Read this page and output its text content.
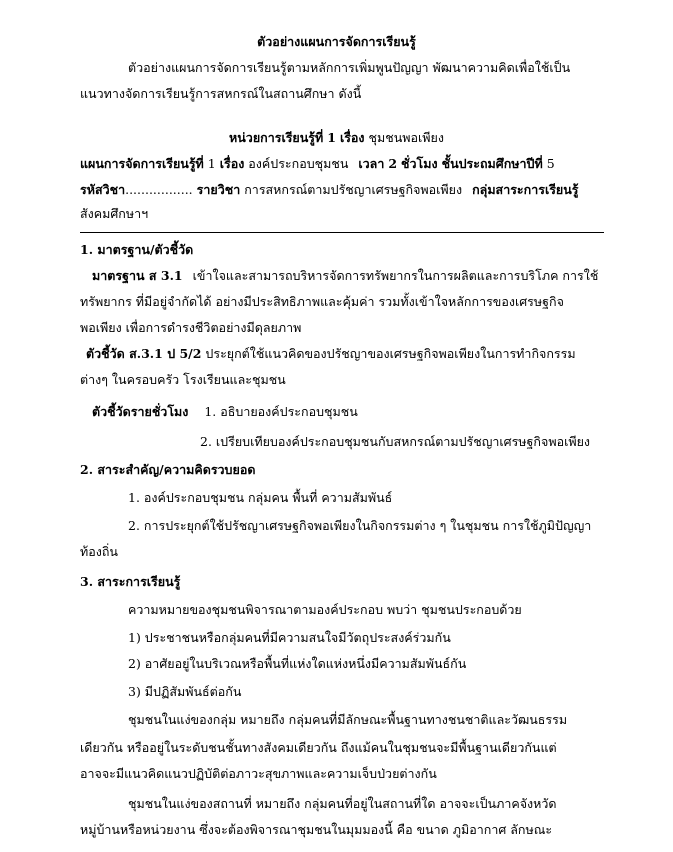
ตัวอย่างแผนการจัดการเรียนรู้
ตัวอย่างแผนการจัดการเรียนรู้ตามหลักการเพิ่มพูนปัญญา พัฒนาความคิดเพื่อใช้เป็น
แนวทางจัดการเรียนรู้การสหกรณ์ในสถานศึกษา ดังนี้
หน่วยการเรียนรู้ที่ 1 เรื่อง ชุมชนพอเพียง
แผนการจัดการเรียนรู้ที่ 1 เรื่อง องค์ประกอบชุมชน เวลา 2 ชั่วโมง ชั้นประถมศึกษาปีที่ 5
รหัสวิชา................. รายวิชา การสหกรณ์ตามปรัชญาเศรษฐกิจพอเพียง กลุ่มสาระการเรียนรู้
สังคมศึกษาฯ
1. มาตรฐาน/ตัวชี้วัด
มาตรฐาน ส 3.1 เข้าใจและสามารถบริหารจัดการทรัพยากรในการผลิตและการบริโภค การใช้
ทรัพยากร ที่มีอยู่จำกัดได้ อย่างมีประสิทธิภาพและคุ้มค่า รวมทั้งเข้าใจหลักการของเศรษฐกิจ
พอเพียง เพื่อการดำรงชีวิตอย่างมีดุลยภาพ
ตัวชี้วัด ส.3.1 ป 5/2 ประยุกต์ใช้แนวคิดของปรัชญาของเศรษฐกิจพอเพียงในการทำกิจกรรม
ต่างๆ ในครอบครัว โรงเรียนและชุมชน
ตัวชี้วัดรายชั่วโมง 1. อธิบายองค์ประกอบชุมชน
2. เปรียบเทียบองค์ประกอบชุมชนกับสหกรณ์ตามปรัชญาเศรษฐกิจพอเพียง
2. สาระสำคัญ/ความคิดรวบยอด
1. องค์ประกอบชุมชน กลุ่มคน พื้นที่ ความสัมพันธ์
2. การประยุกต์ใช้ปรัชญาเศรษฐกิจพอเพียงในกิจกรรมต่าง ๆ ในชุมชน การใช้ภูมิปัญญา
ท้องถิ่น
3. สาระการเรียนรู้
ความหมายของชุมชนพิจารณาตามองค์ประกอบ พบว่า ชุมชนประกอบด้วย
1) ประชาชนหรือกลุ่มคนที่มีความสนใจมีวัตถุประสงค์ร่วมกัน
2) อาศัยอยู่ในบริเวณหรือพื้นที่แห่งใดแห่งหนึ่งมีความสัมพันธ์กัน
3) มีปฏิสัมพันธ์ต่อกัน
ชุมชนในแง่ของกลุ่ม หมายถึง กลุ่มคนที่มีลักษณะพื้นฐานทางชนชาติและวัฒนธรรม
เดียวกัน หรืออยู่ในระดับชนชั้นทางสังคมเดียวกัน ถึงแม้คนในชุมชนจะมีพื้นฐานเดียวกันแต่
อาจจะมีแนวคิดแนวปฏิบัติต่อภาวะสุขภาพและความเจ็บป่วยต่างกัน
ชุมชนในแง่ของสถานที่ หมายถึง กลุ่มคนที่อยู่ในสถานที่ใด อาจจะเป็นภาคจังหวัด
หมู่บ้านหรือหน่วยงาน ซึ่งจะต้องพิจารณาชุมชนในมุมมองนี้ คือ ขนาด ภูมิอากาศ ลักษณะ
